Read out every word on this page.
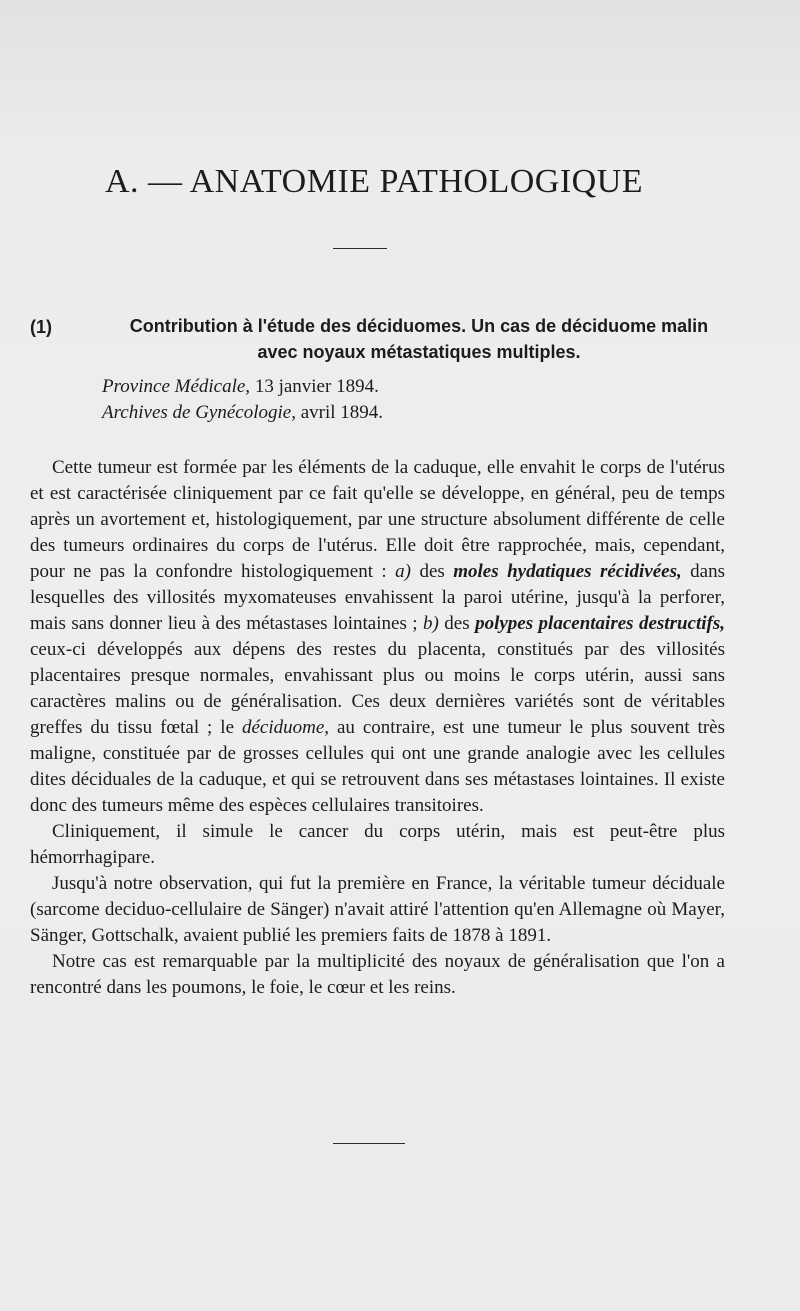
A. — ANATOMIE PATHOLOGIQUE
(1)	Contribution à l'étude des déciduomes. Un cas de déciduome malin avec noyaux métastatiques multiples.
Province Médicale, 13 janvier 1894.
Archives de Gynécologie, avril 1894.

Cette tumeur est formée par les éléments de la caduque, elle envahit le corps de l'utérus et est caractérisée cliniquement par ce fait qu'elle se développe, en général, peu de temps après un avortement et, histologiquement, par une structure absolument différente de celle des tumeurs ordinaires du corps de l'utérus. Elle doit être rapprochée, mais, cependant, pour ne pas la confondre histologiquement : a) des moles hydatiques récidivées, dans lesquelles des villosités myxomateuses envahissent la paroi utérine, jusqu'à la perforer, mais sans donner lieu à des métastases lointaines ; b) des polypes placentaires destructifs, ceux-ci développés aux dépens des restes du placenta, constitués par des villosités placentaires presque normales, envahissant plus ou moins le corps utérin, aussi sans caractères malins ou de généralisation. Ces deux dernières variétés sont de véritables greffes du tissu fœtal ; le déciduome, au contraire, est une tumeur le plus souvent très maligne, constituée par de grosses cellules qui ont une grande analogie avec les cellules dites déciduales de la caduque, et qui se retrouvent dans ses métastases lointaines. Il existe donc des tumeurs même des espèces cellulaires transitoires.

Cliniquement, il simule le cancer du corps utérin, mais est peut-être plus hémorrhagipare.

Jusqu'à notre observation, qui fut la première en France, la véritable tumeur déciduale (sarcome deciduo-cellulaire de Sänger) n'avait attiré l'attention qu'en Allemagne où Mayer, Sänger, Gottschalk, avaient publié les premiers faits de 1878 à 1891.

Notre cas est remarquable par la multiplicité des noyaux de généralisation que l'on a rencontré dans les poumons, le foie, le cœur et les reins.
